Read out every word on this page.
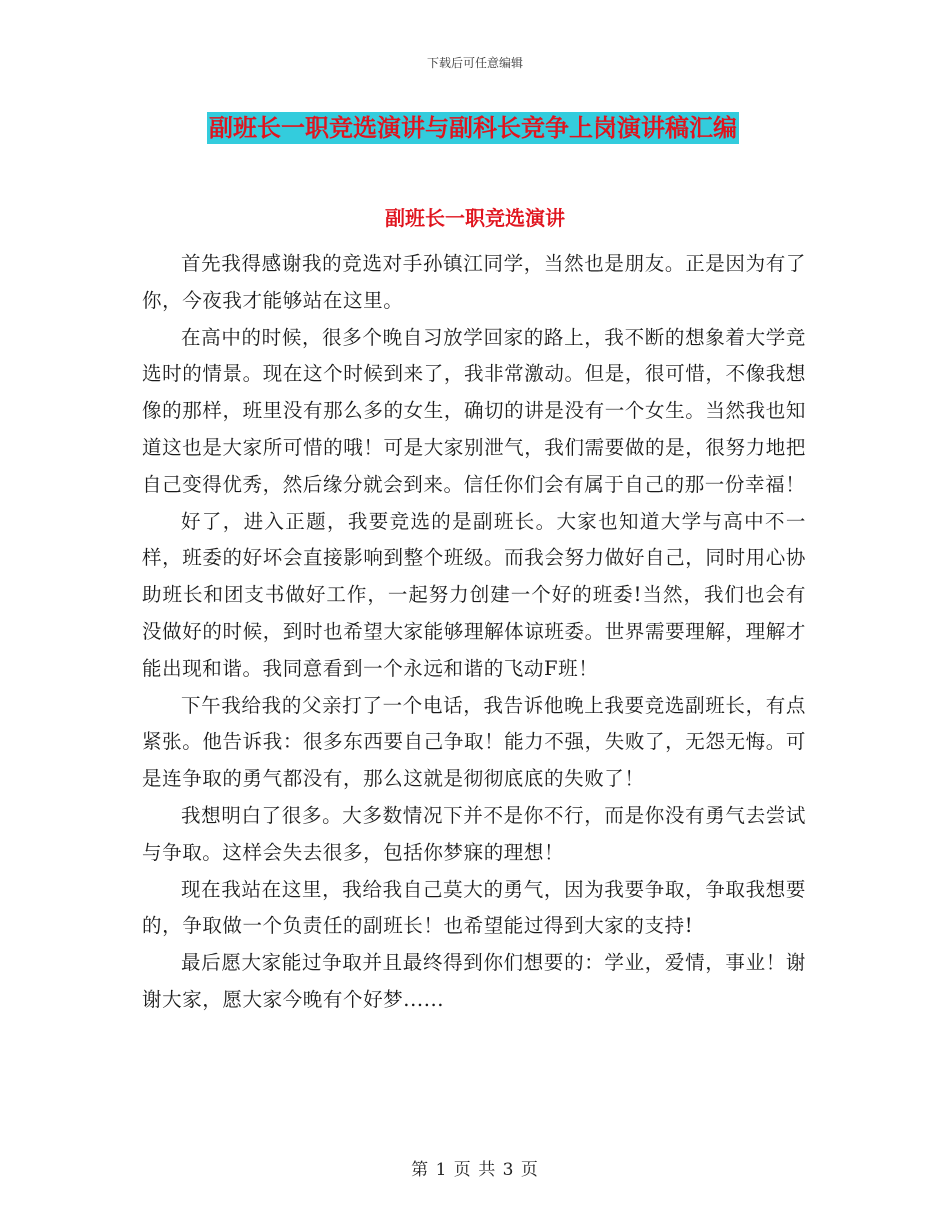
下载后可任意编辑
副班长一职竞选演讲与副科长竞争上岗演讲稿汇编
副班长一职竞选演讲

首先我得感谢我的竞选对手孙镇江同学，当然也是朋友。正是因为有了你，今夜我才能够站在这里。

在高中的时候，很多个晚自习放学回家的路上，我不断的想象着大学竞选时的情景。现在这个时候到来了，我非常激动。但是，很可惜，不像我想像的那样，班里没有那么多的女生，确切的讲是没有一个女生。当然我也知道这也是大家所可惜的哦！可是大家别泄气，我们需要做的是，很努力地把自己变得优秀，然后缘分就会到来。信任你们会有属于自己的那一份幸福！

好了，进入正题，我要竞选的是副班长。大家也知道大学与高中不一样，班委的好坏会直接影响到整个班级。而我会努力做好自己，同时用心协助班长和团支书做好工作，一起努力创建一个好的班委!当然，我们也会有没做好的时候，到时也希望大家能够理解体谅班委。世界需要理解，理解才能出现和谐。我同意看到一个永远和谐的飞动F班！

下午我给我的父亲打了一个电话，我告诉他晚上我要竞选副班长，有点紧张。他告诉我：很多东西要自己争取！能力不强，失败了，无怨无悔。可是连争取的勇气都没有，那么这就是彻彻底底的失败了！

我想明白了很多。大多数情况下并不是你不行，而是你没有勇气去尝试与争取。这样会失去很多，包括你梦寐的理想！

现在我站在这里，我给我自己莫大的勇气，因为我要争取，争取我想要的，争取做一个负责任的副班长！也希望能过得到大家的支持!

最后愿大家能过争取并且最终得到你们想要的：学业，爱情，事业！谢谢大家，愿大家今晚有个好梦......

第 1 页 共 3 页
